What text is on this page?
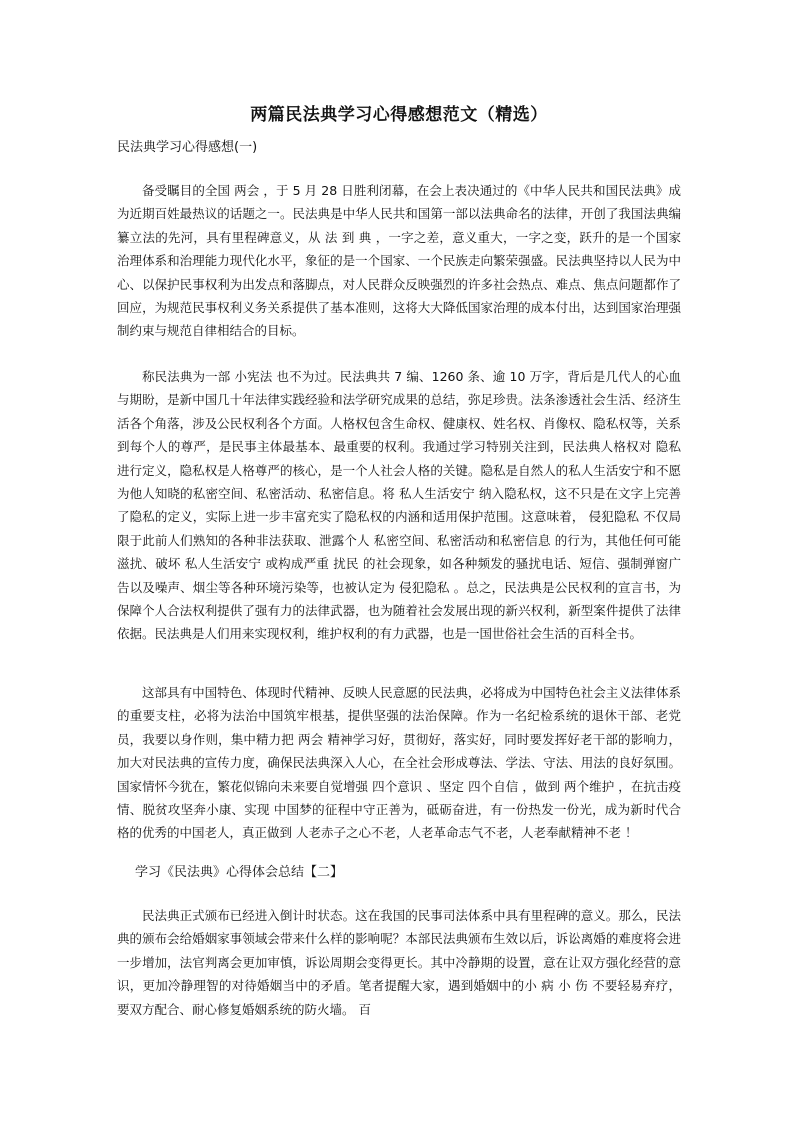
两篇民法典学习心得感想范文（精选）

民法典学习心得感想(一)

备受瞩目的全国 两会 ，于 5 月 28 日胜利闭幕，在会上表决通过的《中华人民共和国民法典》成为近期百姓最热议的话题之一。民法典是中华人民共和国第一部以法典命名的法律，开创了我国法典编纂立法的先河，具有里程碑意义，从 法 到 典 ，一字之差，意义重大，一字之变，跃升的是一个国家治理体系和治理能力现代化水平，象征的是一个国家、一个民族走向繁荣强盛。民法典坚持以人民为中心、以保护民事权利为出发点和落脚点，对人民群众反映强烈的许多社会热点、难点、焦点问题都作了回应，为规范民事权利义务关系提供了基本准则，这将大大降低国家治理的成本付出，达到国家治理强制约束与规范自律相结合的目标。

称民法典为一部 小宪法 也不为过。民法典共 7 编、1260 条、逾 10 万字，背后是几代人的心血与期盼，是新中国几十年法律实践经验和法学研究成果的总结，弥足珍贵。法条渗透社会生活、经济生活各个角落，涉及公民权利各个方面。人格权包含生命权、健康权、姓名权、肖像权、隐私权等，关系到每个人的尊严，是民事主体最基本、最重要的权利。我通过学习特别关注到，民法典人格权对 隐私 进行定义，隐私权是人格尊严的核心，是一个人社会人格的关键。隐私是自然人的私人生活安宁和不愿为他人知晓的私密空间、私密活动、私密信息。将 私人生活安宁 纳入隐私权，这不只是在文字上完善了隐私的定义，实际上进一步丰富充实了隐私权的内涵和适用保护范围。这意味着， 侵犯隐私 不仅局限于此前人们熟知的各种非法获取、泄露个人 私密空间、私密活动和私密信息 的行为，其他任何可能滋扰、破坏 私人生活安宁 或构成严重 扰民 的社会现象，如各种频发的骚扰电话、短信、强制弹窗广告以及噪声、烟尘等各种环境污染等，也被认定为 侵犯隐私 。总之，民法典是公民权利的宣言书，为保障个人合法权利提供了强有力的法律武器，也为随着社会发展出现的新兴权利，新型案件提供了法律依据。民法典是人们用来实现权利，维护权利的有力武器，也是一国世俗社会生活的百科全书。

这部具有中国特色、体现时代精神、反映人民意愿的民法典，必将成为中国特色社会主义法律体系的重要支柱，必将为法治中国筑牢根基，提供坚强的法治保障。作为一名纪检系统的退休干部、老党员，我要以身作则，集中精力把 两会 精神学习好，贯彻好，落实好，同时要发挥好老干部的影响力，加大对民法典的宣传力度，确保民法典深入人心，在全社会形成尊法、学法、守法、用法的良好氛围。国家情怀今犹在，繁花似锦向未来要自觉增强 四个意识 、坚定 四个自信 ，做到 两个维护 ，在抗击疫情、脱贫攻坚奔小康、实现 中国梦的征程中守正善为，砥砺奋进，有一份热发一份光，成为新时代合格的优秀的中国老人，真正做到 人老赤子之心不老，人老革命志气不老，人老奉献精神不老 ！

学习《民法典》心得体会总结【二】

民法典正式颁布已经进入倒计时状态。这在我国的民事司法体系中具有里程碑的意义。那么，民法典的颁布会给婚姻家事领域会带来什么样的影响呢？本部民法典颁布生效以后，诉讼离婚的难度将会进一步增加，法官判离会更加审慎，诉讼周期会变得更长。其中冷静期的设置，意在让双方强化经营的意识，更加冷静理智的对待婚姻当中的矛盾。笔者提醒大家，遇到婚姻中的小 病 小 伤 不要轻易弃疗，要双方配合、耐心修复婚姻系统的防火墙。 百
